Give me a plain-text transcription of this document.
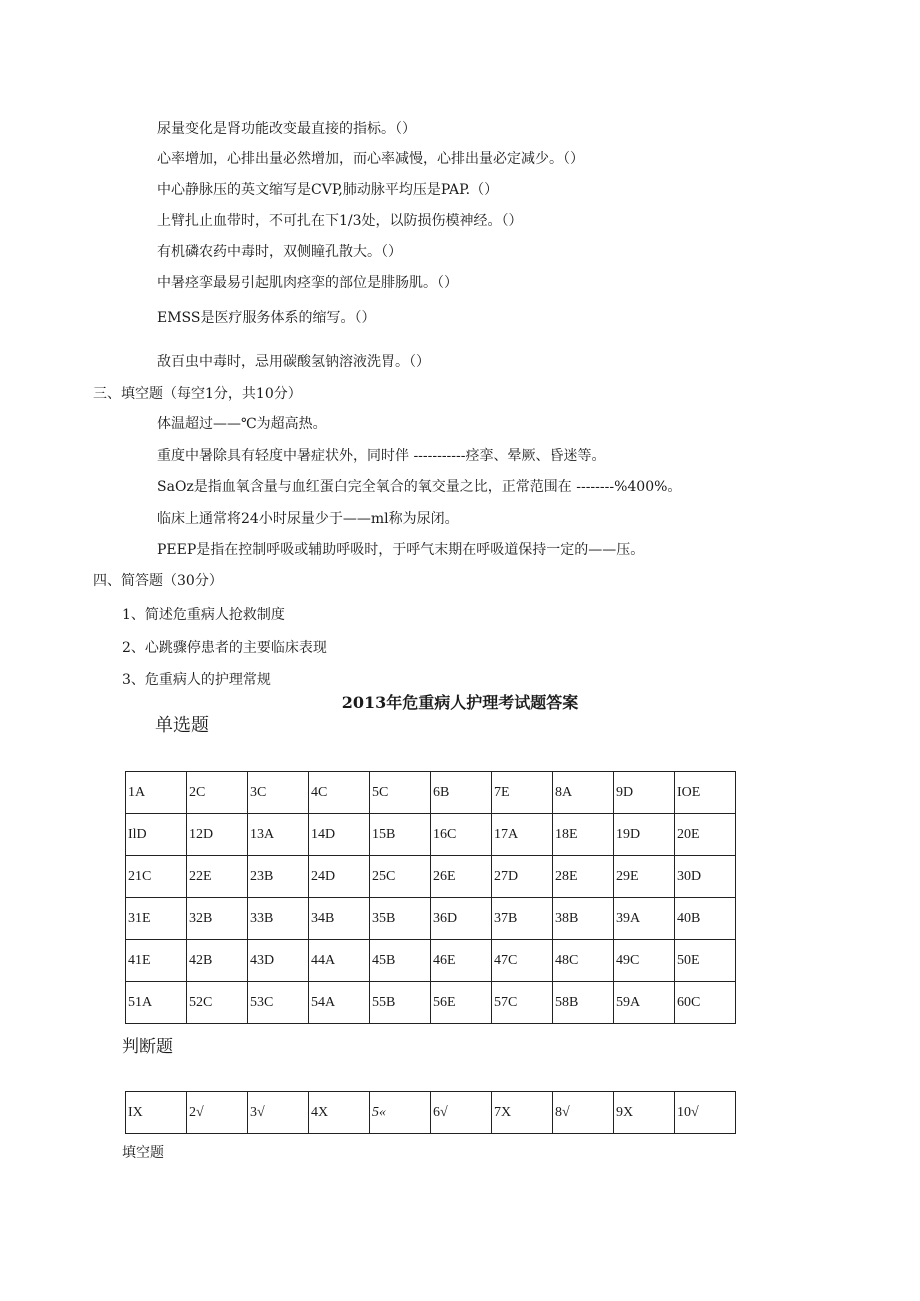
尿量变化是肾功能改变最直接的指标。（）
心率增加，心排出量必然增加，而心率减慢，心排出量必定减少。（）
中心静脉压的英文缩写是CVP,肺动脉平均压是PAP.（）
上臂扎止血带时，不可扎在下1/3处，以防损伤模神经。（）
有机磷农药中毒时，双侧瞳孔散大。（）
中暑痉挛最易引起肌肉痉挛的部位是腓肠肌。（）
EMSS是医疗服务体系的缩写。（）
敌百虫中毒时，忌用碳酸氢钠溶液洗胃。（）
三、填空题（每空1分，共10分）
体温超过——℃为超高热。
重度中暑除具有轻度中暑症状外，同时伴 -----------痉挛、晕厥、昏迷等。
SaOz是指血氧含量与血红蛋白完全氧合的氧交量之比，正常范围在 --------%400%。
临床上通常将24小时尿量少于——ml称为尿闭。
PEEP是指在控制呼吸或辅助呼吸时，于呼气末期在呼吸道保持一定的——压。
四、简答题（30分）
1、简述危重病人抢救制度
2、心跳骤停患者的主要临床表现
3、危重病人的护理常规
2013年危重病人护理考试题答案
单选题
1A	2C	3C	4C	5C	6B	7E	8A	9D	IOE
IlD	12D	13A	14D	15B	16C	17A	18E	19D	20E
21C	22E	23B	24D	25C	26E	27D	28E	29E	30D
31E	32B	33B	34B	35B	36D	37B	38B	39A	40B
41E	42B	43D	44A	45B	46E	47C	48C	49C	50E
51A	52C	53C	54A	55B	56E	57C	58B	59A	60C
判断题
IX	2√	3√	4X	5«	6√	7X	8√	9X	10√
填空题
